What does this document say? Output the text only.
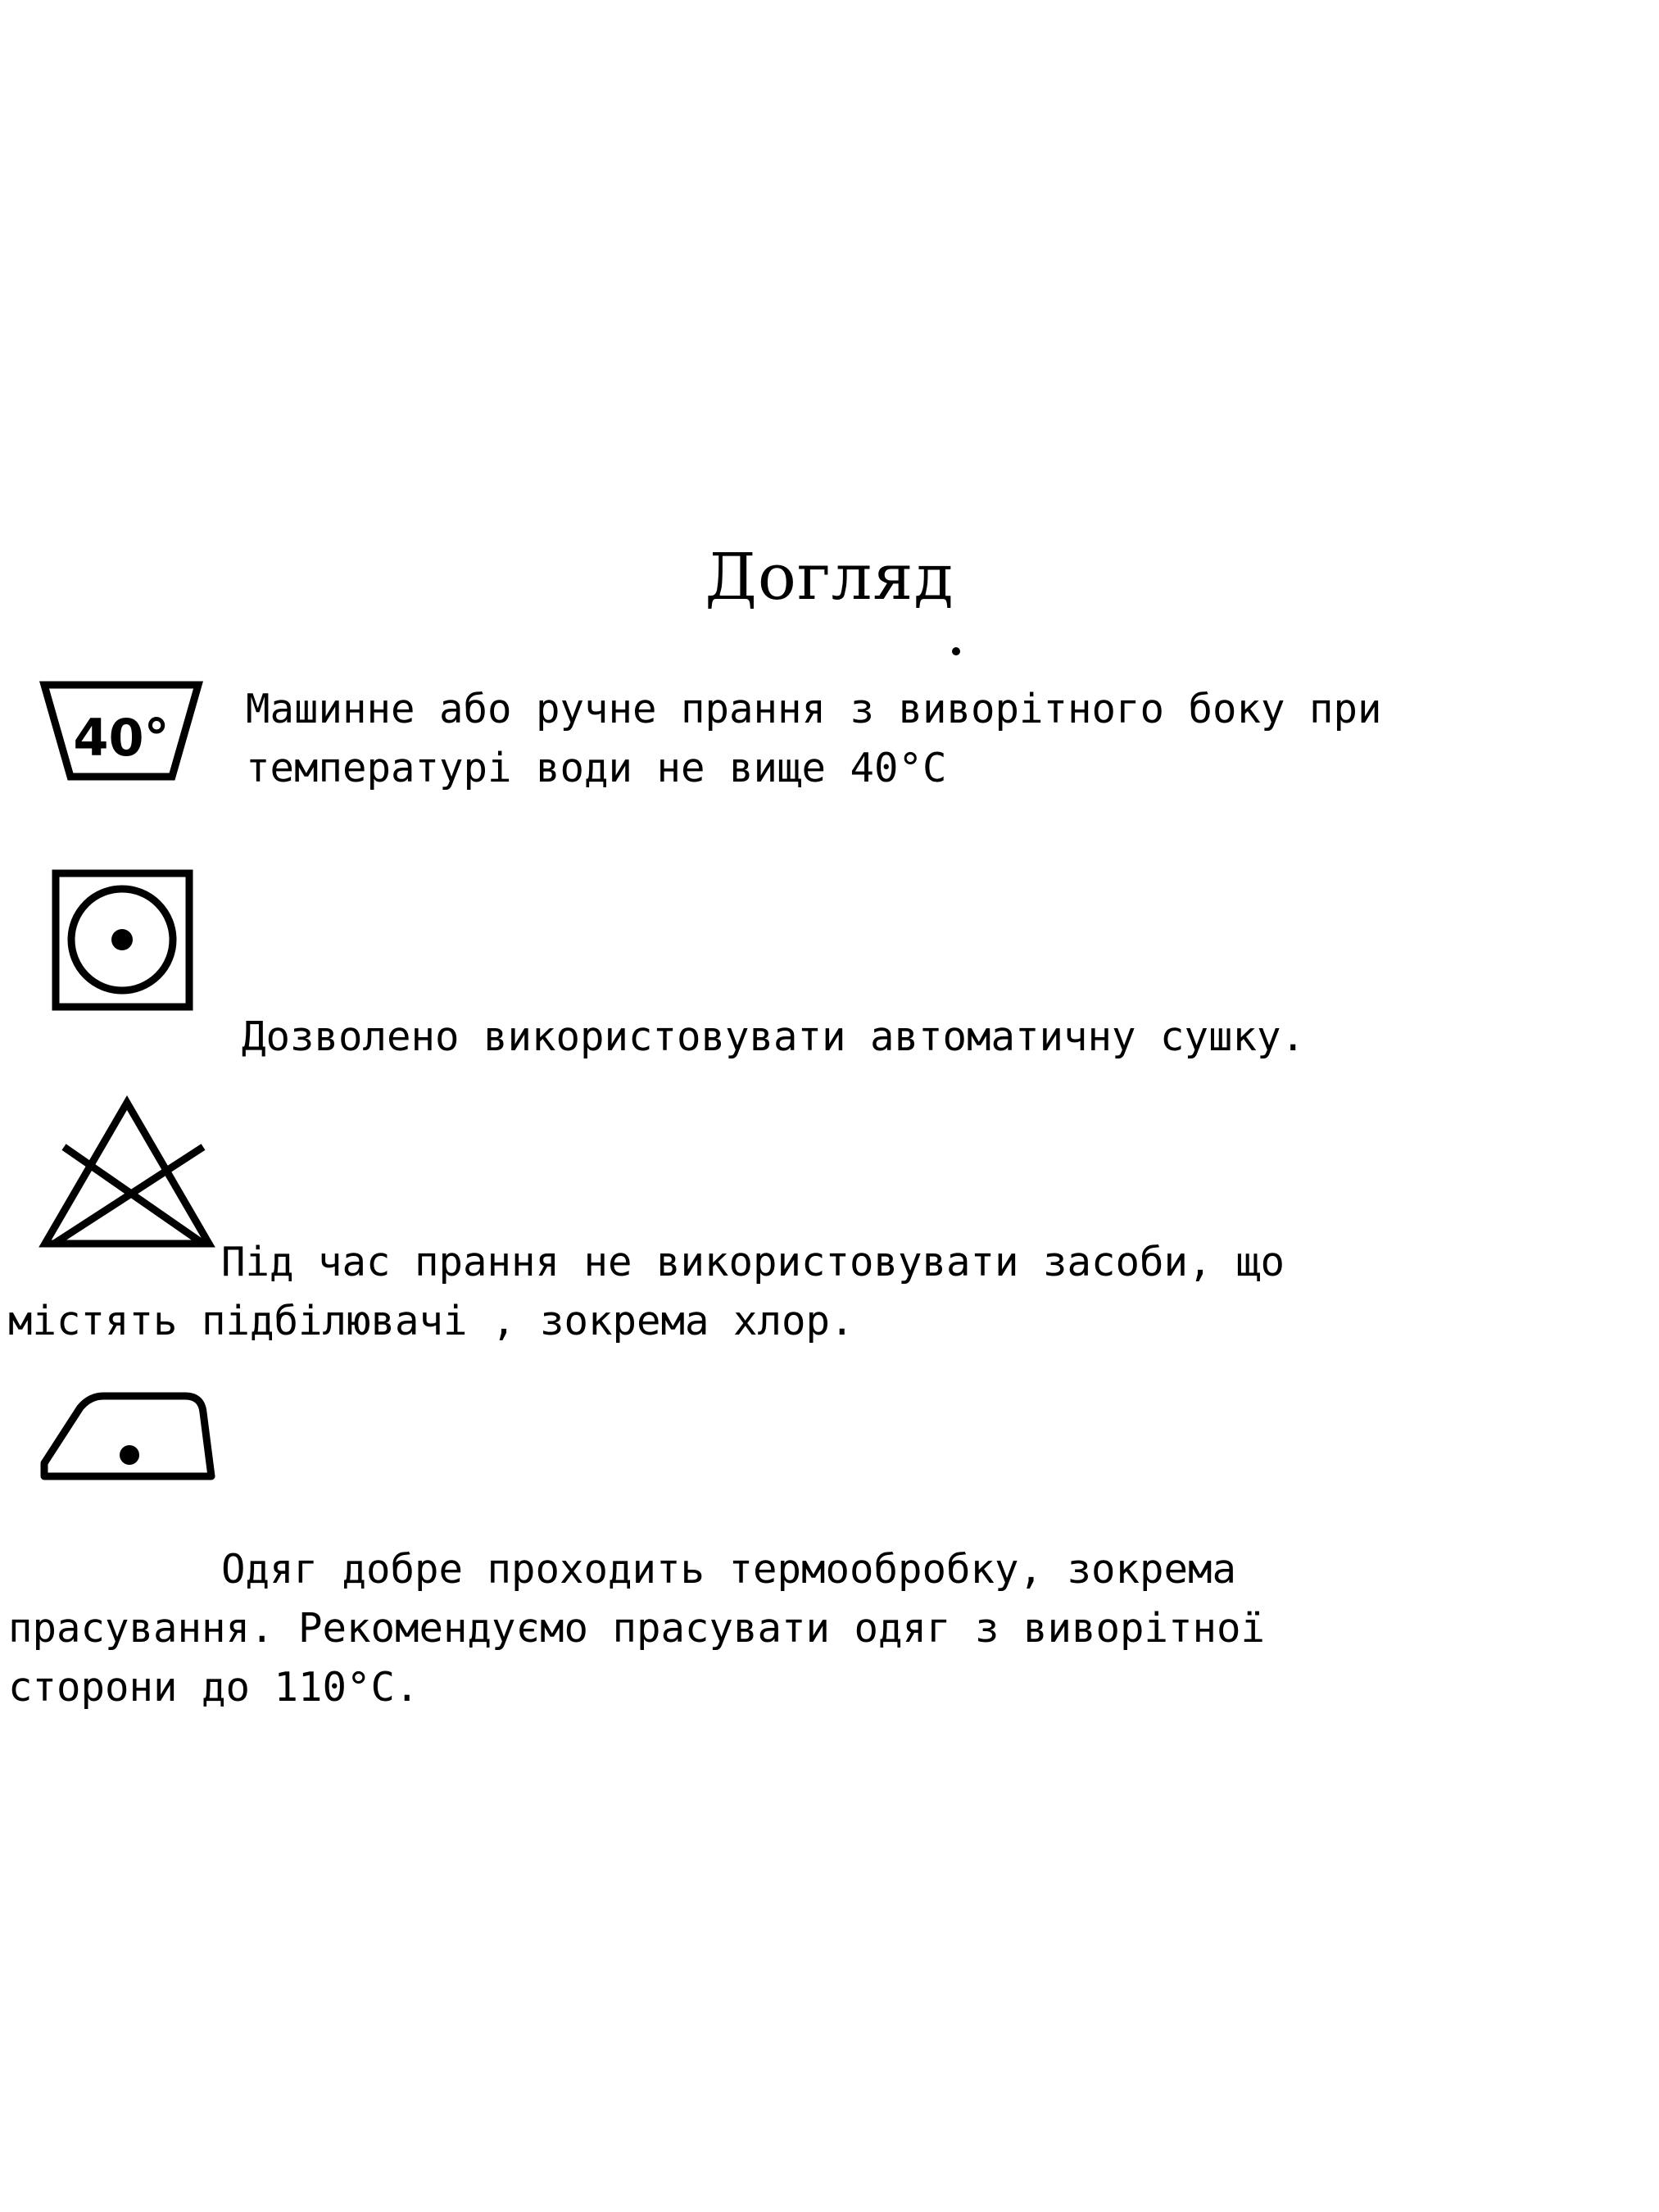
Догляд
40° Машинне або ручне прання з виворітного боку при
температурі води не вище 40°C
Дозволено використовувати автоматичну сушку.
Під час прання не використовувати засоби, що
містять підбілювачі , зокрема хлор.
Одяг добре проходить термообробку, зокрема
прасування. Рекомендуємо прасувати одяг з виворітної
сторони до 110°C.
